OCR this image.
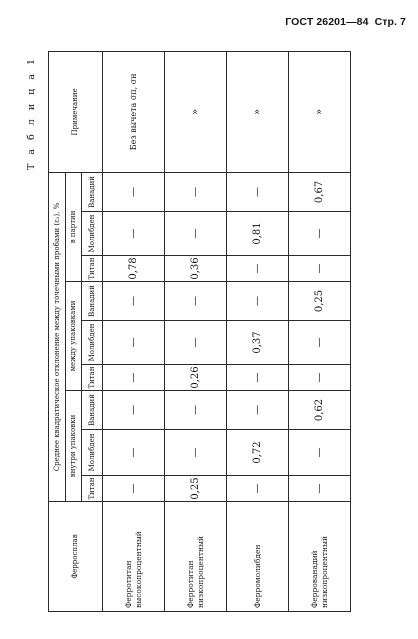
ГОСТ 26201—84 Стр. 7
Т а б л и ц а 1
Ферросплав	Среднее квадратическое отклонение между точечными пробами (ε₁), %									Примечание
	внутри упаковки			между упаковками			в партии			
	Титан	Молибден	Ванадий	Титан	Молибден	Ванадий	Титан	Молибден	Ванадий	
Ферротитан высокопроцентный	—	—	—	—	—	—	0,78	—	—	Без вычета σп, σн
Ферротитан низкопроцентный	0,25	—	—	0,26	—	—	0,36	—	—	»
Ферромолибден	—	0,72	—	—	0,37	—	—	0,81	—	»
Феррованадий низкопроцентный	—	—	0,62	—	—	0,25	—	—	0,67	»
